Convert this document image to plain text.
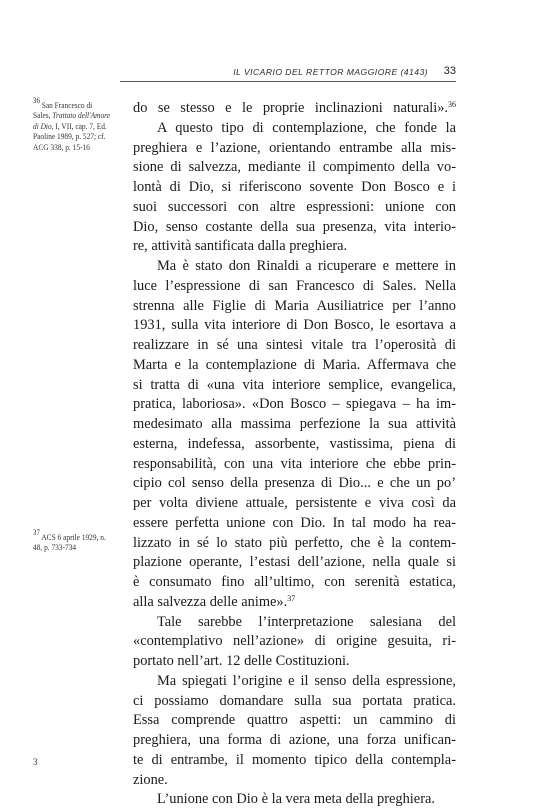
IL VICARIO DEL RETTOR MAGGIORE (4143) 33
$^{36}$ San Francesco di Sales, Trattato dell'Amore di Dio, I, VII, cap. 7, Ed. Paoline 1989, p. 527; cf. ACG 338, p. 15-16
$^{37}$ ACS 6 aprile 1929, n. 48, p. 733-734
do se stesso e le proprie inclinazioni naturali».$^{36}$
A questo tipo di contemplazione, che fonde la
preghiera e l’azione, orientando entrambe alla mis-
sione di salvezza, mediante il compimento della vo-
lontà di Dio, si riferiscono sovente Don Bosco e i
suoi successori con altre espressioni: unione con
Dio, senso costante della sua presenza, vita interio-
re, attività santificata dalla preghiera.
Ma è stato don Rinaldi a ricuperare e mettere in
luce l’espressione di san Francesco di Sales. Nella
strenna alle Figlie di Maria Ausiliatrice per l’anno
1931, sulla vita interiore di Don Bosco, le esortava a
realizzare in sé una sintesi vitale tra l’operosità di
Marta e la contemplazione di Maria. Affermava che
si tratta di «una vita interiore semplice, evangelica,
pratica, laboriosa». «Don Bosco – spiegava – ha im-
medesimato alla massima perfezione la sua attività
esterna, indefessa, assorbente, vastissima, piena di
responsabilità, con una vita interiore che ebbe prin-
cipio col senso della presenza di Dio... e che un po’
per volta diviene attuale, persistente e viva così da
essere perfetta unione con Dio. In tal modo ha rea-
lizzato in sé lo stato più perfetto, che è la contem-
plazione operante, l’estasi dell’azione, nella quale si
è consumato fino all’ultimo, con serenità estatica,
alla salvezza delle anime».$^{37}$
Tale sarebbe l’interpretazione salesiana del
«contemplativo nell’azione» di origine gesuita, ri-
portato nell’art. 12 delle Costituzioni.
Ma spiegati l’origine e il senso della espressione,
ci possiamo domandare sulla sua portata pratica.
Essa comprende quattro aspetti: un cammino di
preghiera, una forma di azione, una forza unifican-
te di entrambe, il momento tipico della contempla-
zione.
L’unione con Dio è la vera meta della preghiera.
3
